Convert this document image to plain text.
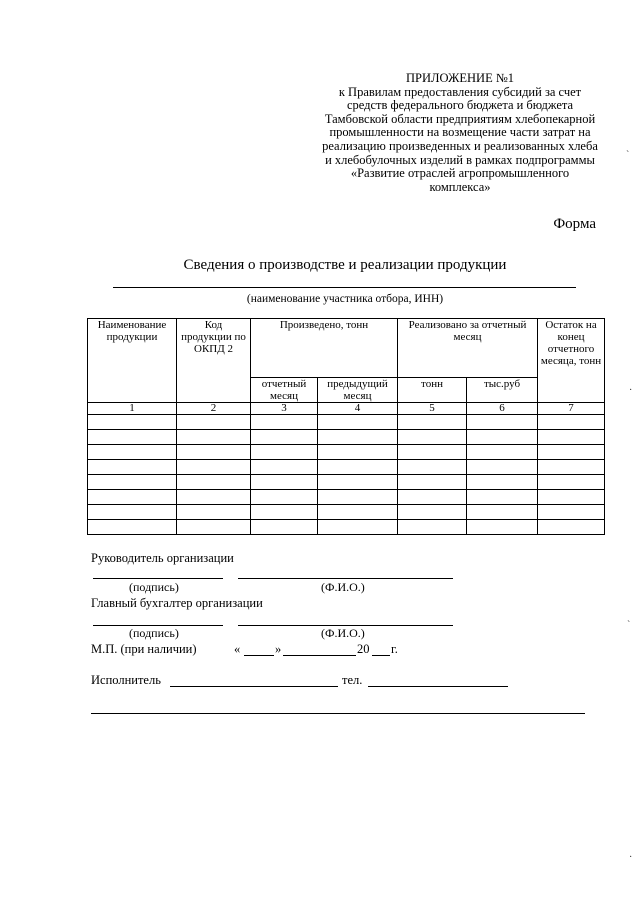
ПРИЛОЖЕНИЕ №1
к Правилам предоставления субсидий за счет
средств федерального бюджета и бюджета
Тамбовской области предприятиям хлебопекарной
промышленности на возмещение части затрат на
реализацию произведенных и реализованных хлеба
и хлебобулочных изделий в рамках подпрограммы
«Развитие отраслей агропромышленного
комплекса»
Форма
Сведения о производстве и реализации продукции
(наименование участника отбора, ИНН)
Наименование продукции	Код продукции по ОКПД 2	Произведено, тонн		Реализовано за отчетный месяц		Остаток на конец отчетного месяца, тонн
		отчетный месяц	предыдущий месяц	тонн	тыс.руб	
1	2	3	4	5	6	7

Руководитель организации
(подпись)	(Ф.И.О.)
Главный бухгалтер организации
(подпись)	(Ф.И.О.)
М.П. (при наличии)	«	»	20 г.
Исполнитель	тел.
`
·
`
·
